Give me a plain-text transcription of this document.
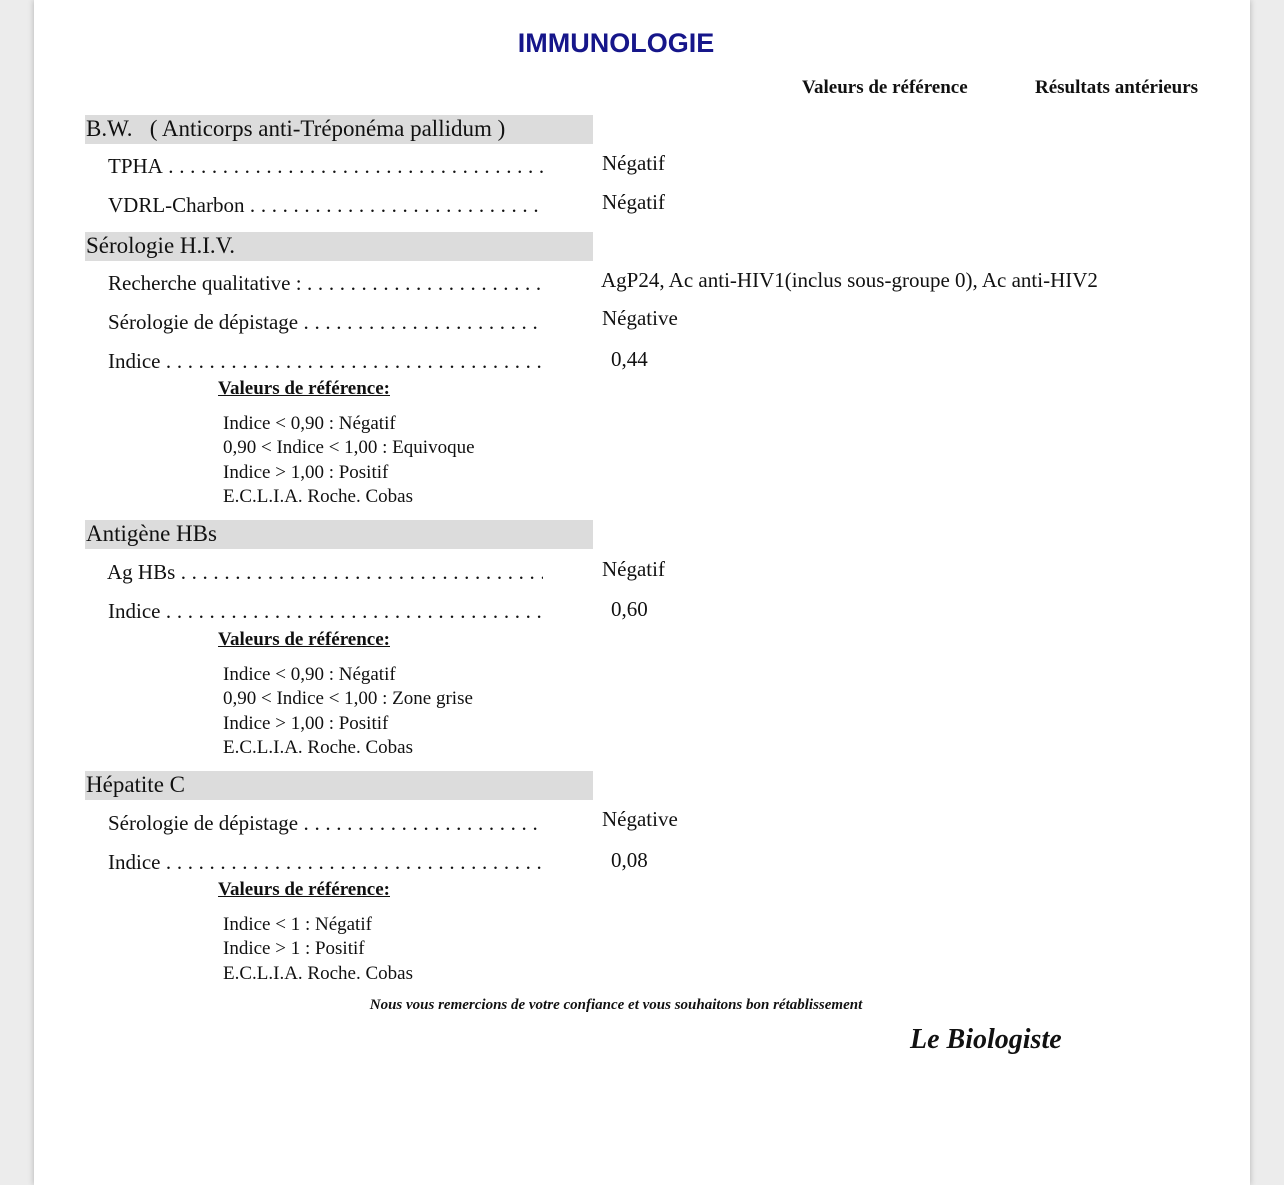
IMMUNOLOGIE
Valeurs de référence	Résultats antérieurs
B.W.   ( Anticorps anti-Tréponéma pallidum )
TPHA . . .	Négatif
VDRL-Charbon . . .	Négatif
Sérologie H.I.V.
Recherche qualitative : . . .	AgP24, Ac anti-HIV1(inclus sous-groupe 0), Ac anti-HIV2
Sérologie de dépistage . . .	Négative
Indice . . .	0,44
Valeurs de référence:
Indice < 0,90 : Négatif
0,90 < Indice < 1,00 : Equivoque
Indice > 1,00 : Positif
E.C.L.I.A. Roche. Cobas
Antigène HBs
Ag HBs . . .	Négatif
Indice . . .	0,60
Valeurs de référence:
Indice < 0,90 : Négatif
0,90 < Indice < 1,00 : Zone grise
Indice > 1,00 : Positif
E.C.L.I.A. Roche. Cobas
Hépatite C
Sérologie de dépistage . . .	Négative
Indice . . .	0,08
Valeurs de référence:
Indice < 1 : Négatif
Indice > 1 : Positif
E.C.L.I.A. Roche. Cobas
Nous vous remercions de votre confiance et vous souhaitons bon rétablissement
Le Biologiste
